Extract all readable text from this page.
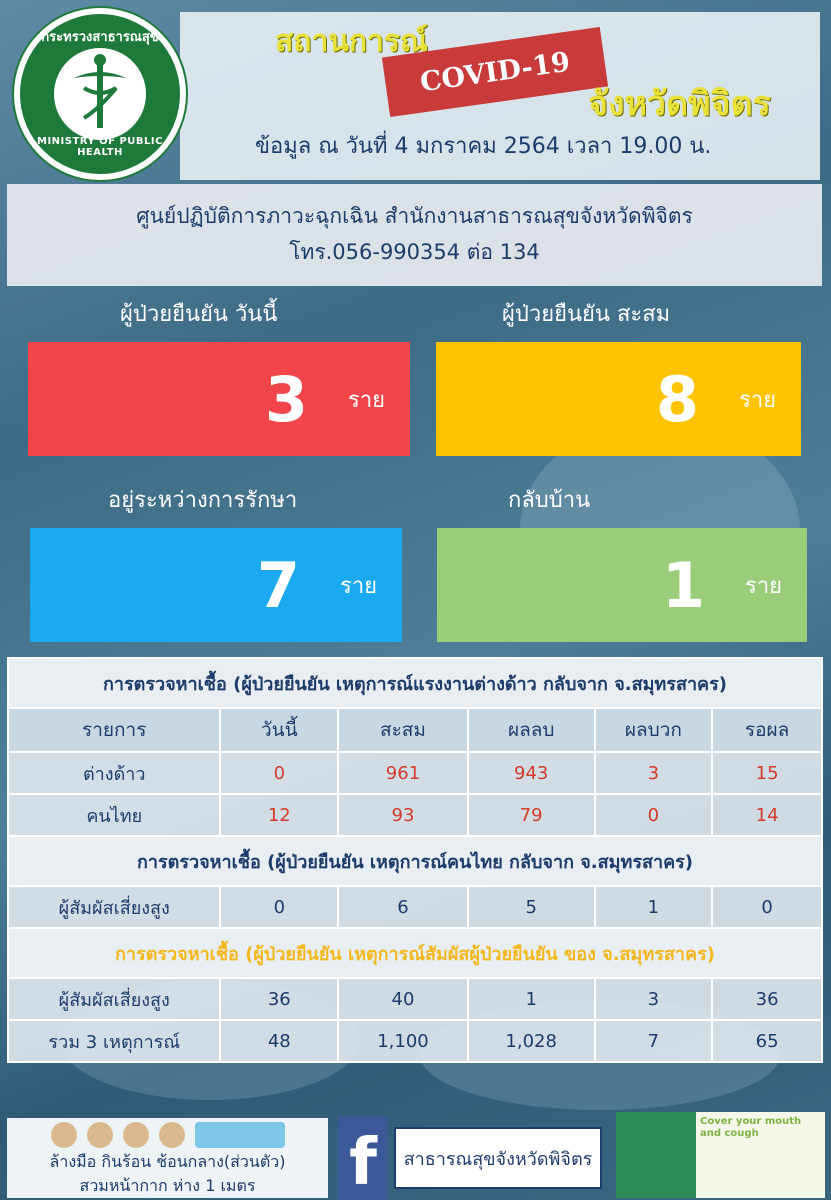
กระทรวงสาธารณสุข
MINISTRY OF PUBLIC HEALTH
สถานการณ์
COVID-19
จังหวัดพิจิตร
ข้อมูล ณ วันที่ 4 มกราคม 2564 เวลา 19.00 น.
ศูนย์ปฏิบัติการภาวะฉุกเฉิน สำนักงานสาธารณสุขจังหวัดพิจิตร
โทร.056-990354 ต่อ 134
ผู้ป่วยยืนยัน วันนี้
3 ราย
ผู้ป่วยยืนยัน สะสม
8 ราย
อยู่ระหว่างการรักษา
7 ราย
กลับบ้าน
1 ราย
การตรวจหาเชื้อ (ผู้ป่วยยืนยัน เหตุการณ์แรงงานต่างด้าว กลับจาก จ.สมุทรสาคร)					
รายการ	วันนี้	สะสม	ผลลบ	ผลบวก	รอผล
ต่างด้าว	0	961	943	3	15
คนไทย	12	93	79	0	14
การตรวจหาเชื้อ (ผู้ป่วยยืนยัน เหตุการณ์คนไทย กลับจาก จ.สมุทรสาคร)					
ผู้สัมผัสเสี่ยงสูง	0	6	5	1	0
การตรวจหาเชื้อ (ผู้ป่วยยืนยัน เหตุการณ์สัมผัสผู้ป่วยยืนยัน ของ จ.สมุทรสาคร)					
ผู้สัมผัสเสี่ยงสูง	36	40	1	3	36
รวม 3 เหตุการณ์	48	1,100	1,028	7	65
ล้างมือ กินร้อน ช้อนกลาง(ส่วนตัว)
สวมหน้ากาก ห่าง 1 เมตร	f	สาธารณสุขจังหวัดพิจิตร
Cover your mouth and cough
